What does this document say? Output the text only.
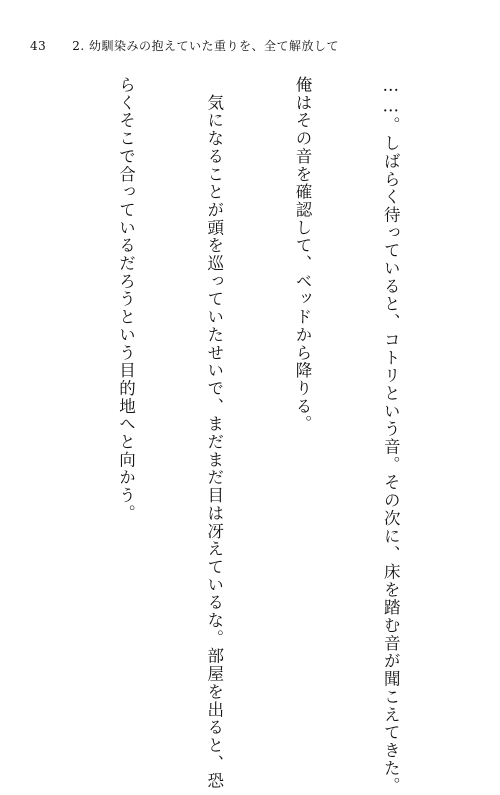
43 2. 幼馴染みの抱えていた重りを、全て解放して

……。しばらく待っていると、コトリという音。その次に、床を踏む音が聞こえてきた。

俺はその音を確認して、ベッドから降りる。

　気になることが頭を巡っていたせいで、まだまだ目は冴えているな。部屋を出ると、恐

らくそこで合っているだろうという目的地へと向かう。
